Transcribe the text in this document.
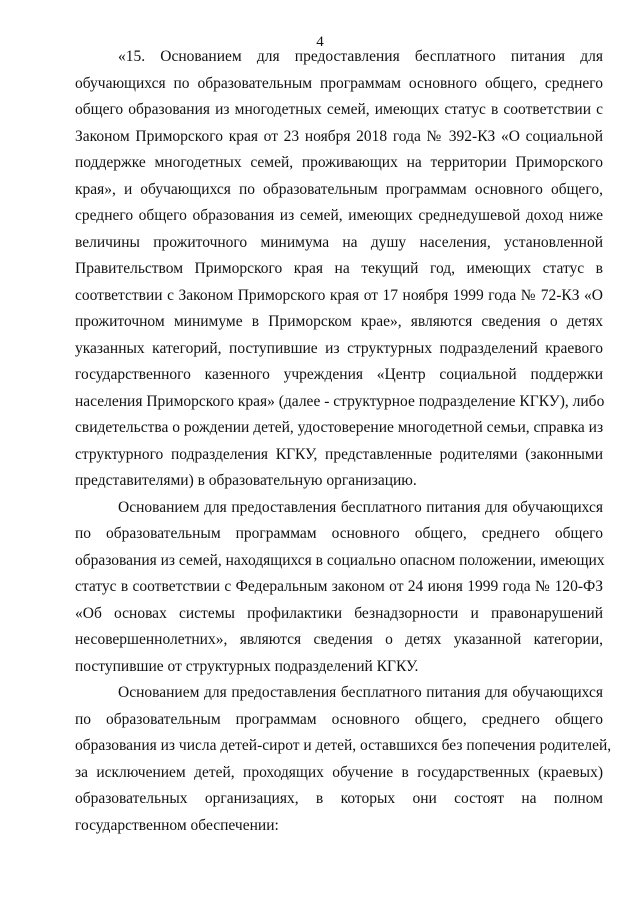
4
«15. Основанием для предоставления бесплатного питания для
обучающихся по образовательным программам основного общего, среднего
общего образования из многодетных семей, имеющих статус в соответствии с
Законом Приморского края от 23 ноября 2018 года № 392-КЗ «О социальной
поддержке многодетных семей, проживающих на территории Приморского
края», и обучающихся по образовательным программам основного общего,
среднего общего образования из семей, имеющих среднедушевой доход ниже
величины прожиточного минимума на душу населения, установленной
Правительством Приморского края на текущий год, имеющих статус в
соответствии с Законом Приморского края от 17 ноября 1999 года № 72-КЗ «О
прожиточном минимуме в Приморском крае», являются сведения о детях
указанных категорий, поступившие из структурных подразделений краевого
государственного казенного учреждения «Центр социальной поддержки
населения Приморского края» (далее - структурное подразделение КГКУ), либо
свидетельства о рождении детей, удостоверение многодетной семьи, справка из
структурного подразделения КГКУ, представленные родителями (законными
представителями) в образовательную организацию.
Основанием для предоставления бесплатного питания для обучающихся
по образовательным программам основного общего, среднего общего
образования из семей, находящихся в социально опасном положении, имеющих
статус в соответствии с Федеральным законом от 24 июня 1999 года № 120-ФЗ
«Об основах системы профилактики безнадзорности и правонарушений
несовершеннолетних», являются сведения о детях указанной категории,
поступившие от структурных подразделений КГКУ.
Основанием для предоставления бесплатного питания для обучающихся
по образовательным программам основного общего, среднего общего
образования из числа детей-сирот и детей, оставшихся без попечения родителей,
за исключением детей, проходящих обучение в государственных (краевых)
образовательных организациях, в которых они состоят на полном
государственном обеспечении:
